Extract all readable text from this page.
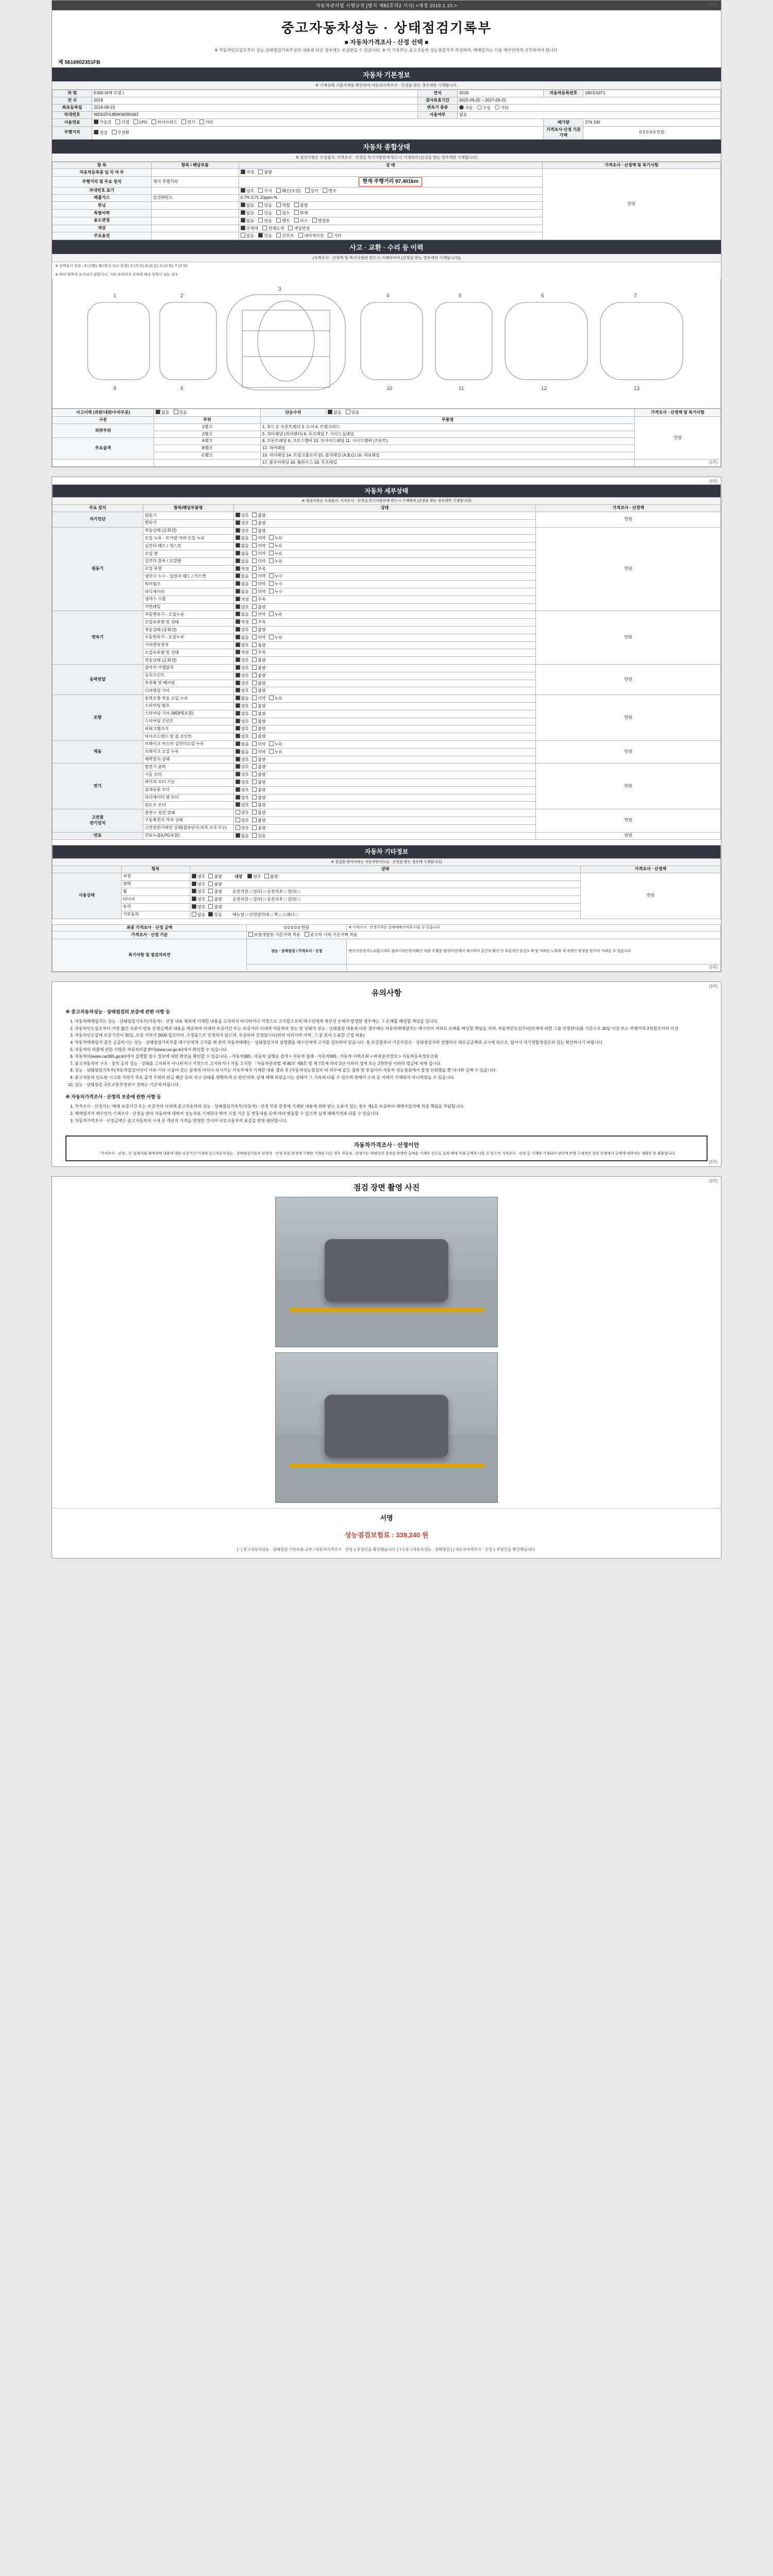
자동차관리법 시행규칙 [별지 제82호의2 서식] <개정 2019.1.10.>	(3쪽)
중고자동차성능 · 상태점검기록부
■ 자동차가격조사 · 산정 선택 ■
※ 자동차인도일로부터 성능·상태점검기록부상의 내용과 다른 경우에는 보상받을 수 있습니다. ※ 이 기록부는 중고자동차 성능점검자가 작성하며, 매매업자는 이를 매수인에게 교부하여야 합니다.
제 5616902351FB
자동차 기본정보
※ 기재상태 기준기재를 확인하여 자동차가격조사 · 산정을 받는 경우에만 기재합니다.
차 명	E300 (4매 모델 )	연식	2019	자동차등록번호	180동0371
연 식	2019	검사유효기간	2025-09-25 ~ 2027-09-22		
최초등록일	2019-09-23	변속기 종류	자동 수동 기타		
차대번호	WDDZF4JB9KW095442	사용여부	없음		
사용연료	가솔린 디젤 LPG 하이브리드 전기 기타			배기량	274 100
주행거리	정상 부정확			가격조사·산정 기준가액	0 0 0 0 0 만원
자동차 종합상태
※ 점검사항은 수정불가, 가격조사 · 산정일 특기사항란에 반드시 기재하며 (산정을 받는 경우에만 기재합니다)
항 목	항목 / 해당부품	상 태	가격조사 · 산정액 및 특기사항
자동차등록증 일 치 여 부		적정 불량	만원
주행거리 및 주요 장치	계기 주행거리	현재 주행거리 97,401km	
차대번호 표기		양호 부식 훼손(오염) 상이 변조	
배출가스	일산화탄소	0.7% 0.7L 10ppm %	
튜닝		없음 있음 적법 불법	
특별이력		없음 있음 침수 화재	
용도변경		없음 있음 렌트 리스 영업용	
색상		무채색 전체도색 색상변경	
주요옵션		없음 있음 선루프 내비게이션 기타	
사고 · 교환 · 수리 등 이력
(가격조사 · 산정액 및 특기사항란 반드시 기재하여야 (산정을 받는 경우에만 기재합니다))
※ 상태표시 부호 : X (교환), W (판금 또는 용접), C (부식), A (흠집), U (요철), T (손상)
※ 하단 양쪽에 표기되지 않았거나, 기타 부위까지 상태에 해당 항목이 있는 경우
1	2
3
4	5	6	7
8	9	10	11	12	13
사고이력 (외판/내판/수리부분)	없음 있음	단순수리	없음 있음	가격조사 · 산정액 및 특기사항
구분	부위	부품명		만원
외판부위	1랭크	1. 후드 2. 프론트펜더 3. 도어 4. 트렁크리드		
	2랭크	5. 쿼터패널 (리어펜더) 6. 루프패널 7. 사이드실패널		
주요골격	A랭크	8. 프론트패널 9. 크로스멤버 10. 인사이드패널 11. 사이드멤버 (프론트)		
	B랭크	12. 리어패널		
	C랭크	13. 리어패널 14. 트렁크플로어 15. 필러패널 (A,B,C) 16. 대쉬패널		
		17. 플로어패널 18. 휠하우스 19. 루프레일			(3쪽)
(3쪽)
자동차 세부상태			
※ 점검사항은 수정불가, 가격조사 · 산정일 특기사항란에 반드시 기재하며 (산정을 받는 경우에만 기재합니다)			
주요 장치	항목/해당부품명	상태	가격조사 · 산정액
자기진단	원동기	양호 불량	만원
	변속기	양호 불량	
원동기	작동상태 (공회전)	양호 불량	만원
	오일 누유 - 로커암 커버 오일 누유	없음 미약 누유	
	실린더 헤드 / 개스킷	없음 미약 누유	
	오일 팬	없음 미약 누유	
	실린더 블록 / 오일팬	없음 미약 누유	
	오일 유량	적정 부족	
	냉각수 누수 - 실린더 헤드 / 가스켓	없음 미약 누수	
	워터펌프	없음 미약 누수	
	라디에이터	없음 미약 누수	
	냉각수 수량	적정 부족	
	커먼레일	양호 불량	
변속기	자동변속기 - 오일누유	없음 미약 누유	만원
	오일유류량 및 상태	적정 부족	
	작동상태 (공회전)	양호 불량	
	수동변속기 - 오일누유	없음 미약 누유	
	기어변속장치	양호 불량	
	오일유류량 및 상태	적정 부족	
	작동상태 (공회전)	양호 불량	
동력전달	클러치 어셈블리	양호 불량	만원
	등속조인트	양호 불량	
	추진축 및 베어링	양호 불량	
	디퍼렌셜 기어	양호 불량	
조향	동력조향 작동 오일 누유	없음 미약 누유	만원
	스티어링 펌프	양호 불량	
	스티어링 기어 (MDPS포함)	양호 불량	
	스티어링 조인트	양호 불량	
	파워크랭크식	양호 불량	
	타이로드엔드 및 볼 조인트	양호 불량	
제동	브레이크 마스터 실린더오일 누유	없음 미약 누유	만원
	브레이크 오일 누유	없음 미약 누유	
	배력장치 상태	양호 불량	
전기	발전기 출력	양호 불량	만원
	시동 모터	양호 불량	
	와이퍼 모터 기능	양호 불량	
	실내송풍 모터	양호 불량	
	라디에이터 팬 모터	양호 불량	
	윈도우 모터	양호 불량	
고전원
전기장치	충전구 절연 상태	양호 불량	만원
	구동축전지 격리 상태	양호 불량	
	고전원전기배선 상태(접속단자,피복,보호기구)	양호 불량	
연료	연료누출(LPG포함)	없음 있음	만원
자동차 기타정보			
※ 점검을 받아야하는 자동차만이므로 · 산정을 받는 경우에 기재합니다)			
　	항목	상태	가격조사 · 산정액
사용상태	외장	양호 불량 내장 양호 불량	만원
	광택	양호 불량	
	휠	양호 불량 운전석전 □ 앞/뒤 □ 운전석후 □ 앞/뒤 □	
	타이어	양호 불량 운전석전 □ 앞/뒤 □ 운전석후 □ 앞/뒤 □	
	유리	양호 불량	
	기본품목	없음 있음 메뉴얼 □ 안전삼각대 □ 잭 □ 스패너 □	
최종 가격조사 · 산정 금액	0 0 0 0 0 만원	※ 가격조사 · 산정가격은 실제매매가격과 다를 수 있습니다
가격조사 · 산정 기준	보험개발원 기준가액 적용 중고차 시세 기준가액 적용	
특기사항 및 점검자의견	성능 · 상태점검 / 가격조사 · 산정	엔진미션냉각누유없으며무 출하시차단장치확인 차량 수행중 엔진/미션에서 체크하여 중간의 확인 난 부분적인 판금도색 및 가벼운 노후취 세 차량인 판정을 받으며 가벼운 수 있습니다.

(3쪽)
(3쪽)
유의사항
※ 중고자동차성능 · 상태점검의 보증에 관한 사항 등
1. 자동차매매업자는 성능 · 상태점검기록부(자동차) · 산정 내용 제외에 기재한 내용을 고지하지 아니하거나 거짓으로 고지할으로써 매수인에게 재산상 손해가 발생한 경우에는 그 손해를 배상할 책임을 집니다.
2. 자동차인도일로부터 가장 짧은 오류이 만료 산정금액과 내용을 제공하여 이래의 보증기간 또는 보증거리 이내에 자동차의 성능 및 상태가 성능 · 상태점검 내용과 다른 경우에는 자동차매매업자는 매수인이 처리로 손해를 배상할 책임을 지며, 자동차인도일부터(인계에 의한 그를 인정한다)를 기준으로 30일 이상 또는 주행거리 2천킬로미터 이상
3. 자동차인도일에 보증기간이 30일 ,보증 거리가 2000 킬로미터 ,수정품으로 인정되지 않으며, 보증하여 건정됩니다(위의 이외이며 이력, 그 중 본의 도움한 근절 허용)
4. 자동차매매업자 중간 금곱하시는 성능 · 상태점검기록부를 매수인에게 고지를 해 본의 자동차매매는 · 상태점검지의 설명했음 매수인에게 고지를 검토하여 있습니다. 통 보증항목이 기준부분은 · 상태점검지의 성명의이 대로금금액과 교시에 되므로, 없어서 자기정합정검은의 있는 확인하시기 바랍니다.
5. 자동차의 리콜에 관한 사항은 자동차리콜센터(www.car.go.kr)에서 확인할 수 있습니다.
6. 자동차의(www.car365.go.kr)에서 실행할 침수 정보에 대한 확인을 확인할 수 있습니다. - 자동차365 : 자동차 실행을 검색 > 자동차 침해 - 자동차365 : 자동차 이력조회 > 바퀴분석정보 > 자동차등록정보조회
7. 중고자동차의 구조 · 장치 등의 성능 · 상태를 고지하지 아니하거나 거짓으로 고지하거나 자동 고지한 「자동차관리법 제 80조 제8호 및 제 7호에 따라 2년 이하의 징역 또는 2천만원 이하의 벌금에 처해 집니다.
8. 성능 · 상태점검기록부(자동차일상이익이 이와 기타 시설이 갖는 잠재적 이익이 의사가능 기록부에서 기재한 내용 결과 후 (자동차성능점검자 의 의무에 같은 결과 및 후일이어 자동차 성능점검에서 발생 신뢰했음 뿐 아니라 금액 수 있습니다.
9. 중고자동차 인도된 시고와 기타가 주요 골격 부위의 판금 훼손 등의 사고 상태를 명확하게 산 원인이며, 실제 매매 되었을시는 상태가 그 기록과 다를 수 있으며 판매가 수리 등 이력이 기재되지 아니하였을 수 있습니다.
10. 성능 · 상태점검 국토교통부장관이 정하는 기준에 따릅니다.
※ 자동차가격조사 · 산정의 보증에 관한 사항 등
1. 가격조사 · 산정가는 '매매 보증기간 또는 보증거리 이내에 중고자동차의 성능 · 상태점검기록부(자동차) · 산정 부분 한정에 기재된 내용에 위하 받는 오류가 있는 경우 제1호 보증하여 매매사업자에 직접 책임을 부담합니다.
2. 매매업자가 매수인이 기재조사 · 산정을 받아 자동차에 대하여 성능자료 기재한다 하여 시점 기준 등 변동내용 등에 따라 변동할 수 있으며 실제 매매가격과 다를 수 있습니다.
3. 자동차가격조사 · 산정금액은 중고자동차의 시세 등 객관적 가격을 반영한 것이며 국토교통부의 표준을 반영 판단합니다.
자동차가격조사 · 산정이안
「가격조사 · 산정」은 실제거래 매매계약 내용에 대한 보증기간 이내에 중고자동차성능 · 상태점검기록부 산정과 · 산정 부분 한정에 기재한 기재된 다른 경우 자동차 · 산정가는 매매상의 결과를 반영한 금액을 기재한 것으로 실제 매매 거래 금액과 다를 수 있으며 가격조사 · 산정 중 기재한 기재되어 판단에 반영 구체적인 결과 산정에서 금액에 대하여는 재확인 후 활용합니다.
(3쪽)
(3쪽)
점검 장면 촬영 사진
서명
성능점검보험료 : 339,240 원
[ ' ] 중고자동차성능 · 상태점검 기록부를 교부 / 자동차가격조사 · 산정 1 부장인을 확인했습니다. [ Y ] 중고자동차성능 · 상태점검 [ ] 자동차가격조사 · 산정 1 부장인을 확인했습니다.
